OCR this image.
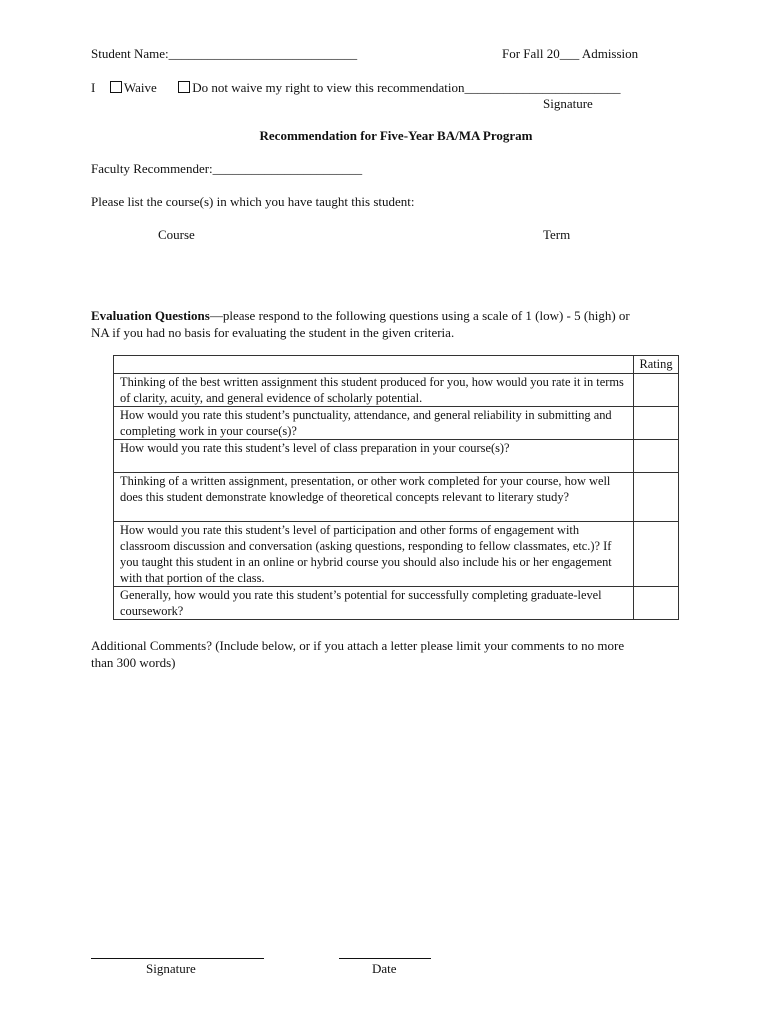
Student Name:_____________________________	For Fall 20___ Admission
I Waive	Do not waive my right to view this recommendation________________________
Signature
Recommendation for Five-Year BA/MA Program
Faculty Recommender:_______________________
Please list the course(s) in which you have taught this student:
Course	Term
Evaluation Questions—please respond to the following questions using a scale of 1 (low) - 5 (high) or
NA if you had no basis for evaluating the student in the given criteria.
	Rating
Thinking of the best written assignment this student produced for you, how would you rate it in terms of clarity, acuity, and general evidence of scholarly potential.	
How would you rate this student’s punctuality, attendance, and general reliability in submitting and completing work in your course(s)?	
How would you rate this student’s level of class preparation in your course(s)?	
Thinking of a written assignment, presentation, or other work completed for your course, how well does this student demonstrate knowledge of theoretical concepts relevant to literary study?	
How would you rate this student’s level of participation and other forms of engagement with classroom discussion and conversation (asking questions, responding to fellow classmates, etc.)? If you taught this student in an online or hybrid course you should also include his or her engagement with that portion of the class.	
Generally, how would you rate this student’s potential for successfully completing graduate-level coursework?	
Additional Comments? (Include below, or if you attach a letter please limit your comments to no more
than 300 words)
Signature	Date
